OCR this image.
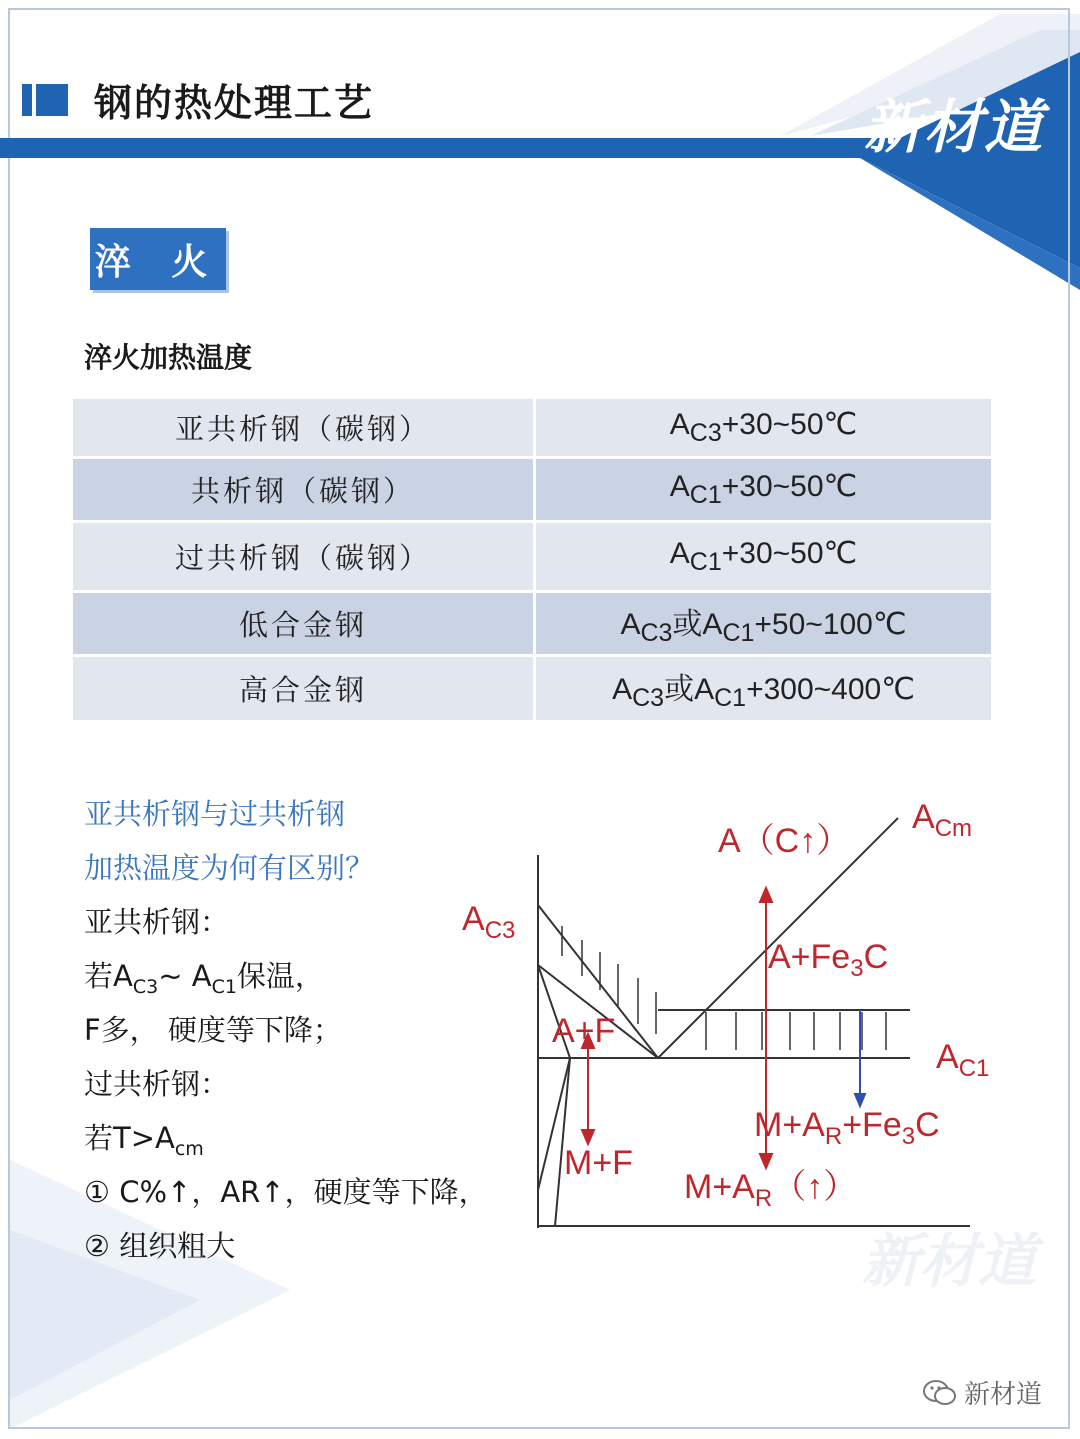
钢的热处理工艺	新材道
淬 火
淬火加热温度
亚共析钢（碳钢）	$A_{C3}+30\sim 50℃$
共析钢（碳钢）	$A_{C1}+30\sim 50℃$
过共析钢（碳钢）	$A_{C1}+30\sim 50℃$
低合金钢	$A_{C3}$或$A_{C1}+50\sim 100℃$
高合金钢	$A_{C3}$或$A_{C1}+300\sim 400℃$
亚共析钢与过共析钢
加热温度为何有区别？
亚共析钢：
若$A_{C3}\sim$ $A_{C1}$保温，
F多， 硬度等下降；
过共析钢：
若$T>A_{cm}$
① C%↑，AR↑，硬度等下降，
② 组织粗大
$A_{Cm}$
A（C↑）
$A_{C3}$
$A+Fe_3C$
A+F
$A_{C1}$
$M+A_R+Fe_3C$
M+F
$M+A_R(↑)$
新材道
新材道
